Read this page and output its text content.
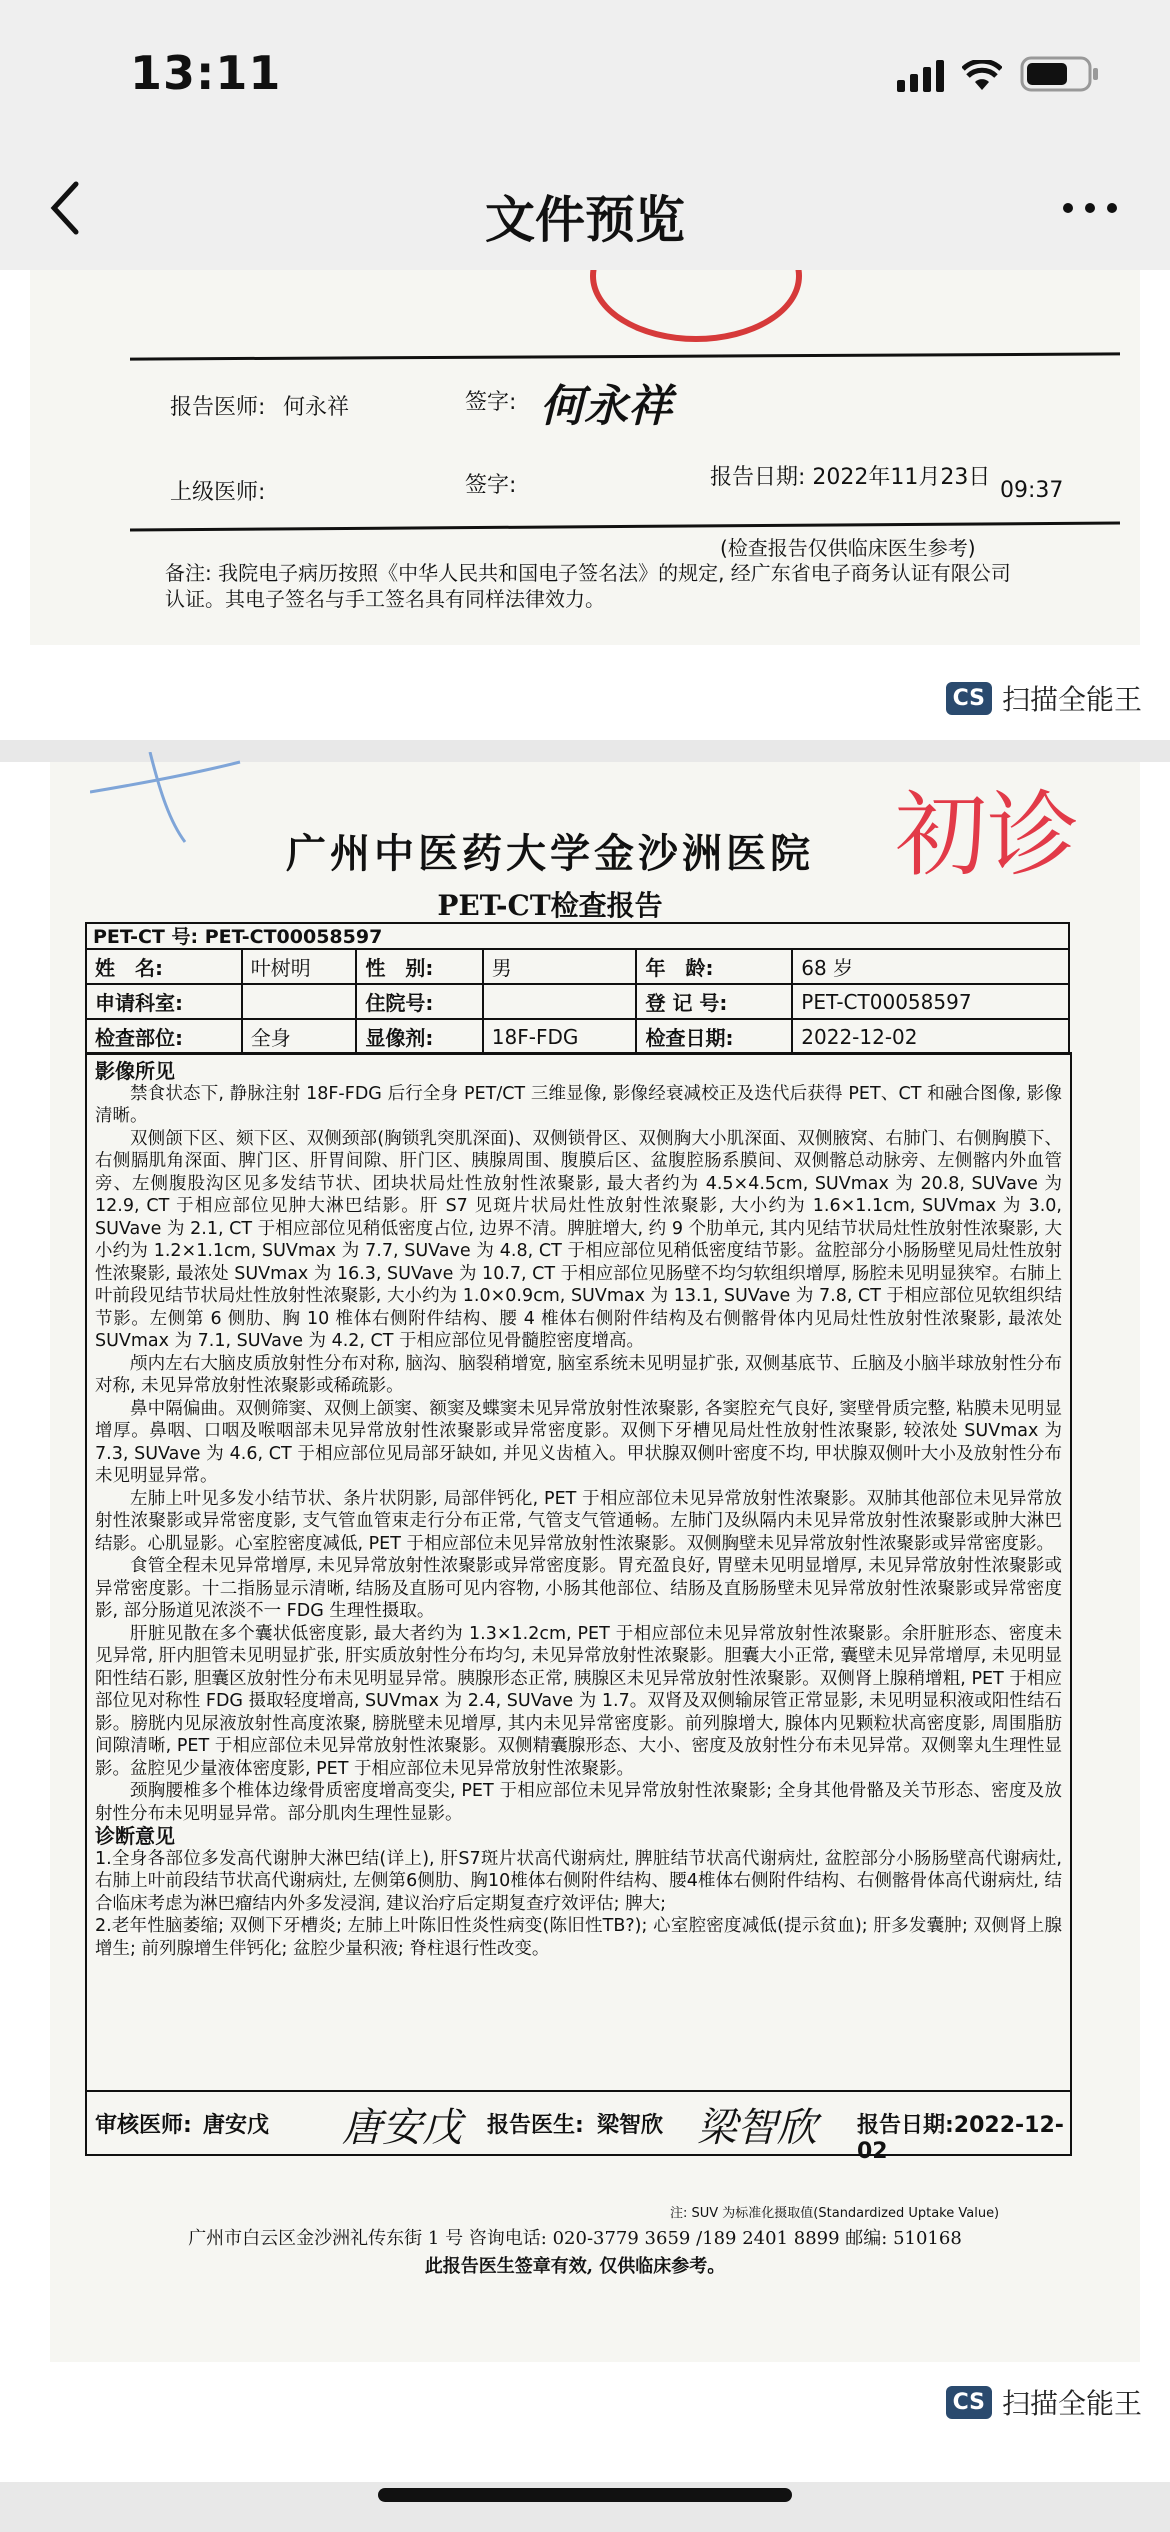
13:11
文件预览
报告医师: 何永祥	签字: 何永祥
上级医师:	签字:	报告日期: 2022年11月23日
09:37
(检查报告仅供临床医生参考)
备注: 我院电子病历按照《中华人民共和国电子签名法》的规定, 经广东省电子商务认证有限公司认证。其电子签名与手工签名具有同样法律效力。
CS 扫描全能王
初诊
广州中医药大学金沙洲医院
PET-CT检查报告
PET-CT 号: PET-CT00058597
姓　名:	叶树明	性　别:	男	年　龄:	68 岁
申请科室:		住院号:		登 记 号:	PET-CT00058597
检查部位:	全身	显像剂:	18F-FDG	检查日期:	2022-12-02
影像所见

禁食状态下, 静脉注射 18F-FDG 后行全身 PET/CT 三维显像, 影像经衰减校正及迭代后获得 PET、CT 和融合图像, 影像清晰。

双侧颌下区、颏下区、双侧颈部(胸锁乳突肌深面)、双侧锁骨区、双侧胸大小肌深面、双侧腋窝、右肺门、右侧胸膜下、右侧膈肌角深面、脾门区、肝胃间隙、肝门区、胰腺周围、腹膜后区、盆腹腔肠系膜间、双侧髂总动脉旁、左侧髂内外血管旁、左侧腹股沟区见多发结节状、团块状局灶性放射性浓聚影, 最大者约为 4.5×4.5cm, SUVmax 为 20.8, SUVave 为 12.9, CT 于相应部位见肿大淋巴结影。肝 S7 见斑片状局灶性放射性浓聚影, 大小约为 1.6×1.1cm, SUVmax 为 3.0, SUVave 为 2.1, CT 于相应部位见稍低密度占位, 边界不清。脾脏增大, 约 9 个肋单元, 其内见结节状局灶性放射性浓聚影, 大小约为 1.2×1.1cm, SUVmax 为 7.7, SUVave 为 4.8, CT 于相应部位见稍低密度结节影。盆腔部分小肠肠壁见局灶性放射性浓聚影, 最浓处 SUVmax 为 16.3, SUVave 为 10.7, CT 于相应部位见肠壁不均匀软组织增厚, 肠腔未见明显狭窄。右肺上叶前段见结节状局灶性放射性浓聚影, 大小约为 1.0×0.9cm, SUVmax 为 13.1, SUVave 为 7.8, CT 于相应部位见软组织结节影。左侧第 6 侧肋、胸 10 椎体右侧附件结构、腰 4 椎体右侧附件结构及右侧髂骨体内见局灶性放射性浓聚影, 最浓处 SUVmax 为 7.1, SUVave 为 4.2, CT 于相应部位见骨髓腔密度增高。

颅内左右大脑皮质放射性分布对称, 脑沟、脑裂稍增宽, 脑室系统未见明显扩张, 双侧基底节、丘脑及小脑半球放射性分布对称, 未见异常放射性浓聚影或稀疏影。

鼻中隔偏曲。双侧筛窦、双侧上颌窦、额窦及蝶窦未见异常放射性浓聚影, 各窦腔充气良好, 窦壁骨质完整, 粘膜未见明显增厚。鼻咽、口咽及喉咽部未见异常放射性浓聚影或异常密度影。双侧下牙槽见局灶性放射性浓聚影, 较浓处 SUVmax 为 7.3, SUVave 为 4.6, CT 于相应部位见局部牙缺如, 并见义齿植入。甲状腺双侧叶密度不均, 甲状腺双侧叶大小及放射性分布未见明显异常。

左肺上叶见多发小结节状、条片状阴影, 局部伴钙化, PET 于相应部位未见异常放射性浓聚影。双肺其他部位未见异常放射性浓聚影或异常密度影, 支气管血管束走行分布正常, 气管支气管通畅。左肺门及纵隔内未见异常放射性浓聚影或肿大淋巴结影。心肌显影。心室腔密度减低, PET 于相应部位未见异常放射性浓聚影。双侧胸壁未见异常放射性浓聚影或异常密度影。

食管全程未见异常增厚, 未见异常放射性浓聚影或异常密度影。胃充盈良好, 胃壁未见明显增厚, 未见异常放射性浓聚影或异常密度影。十二指肠显示清晰, 结肠及直肠可见内容物, 小肠其他部位、结肠及直肠肠壁未见异常放射性浓聚影或异常密度影, 部分肠道见浓淡不一 FDG 生理性摄取。

肝脏见散在多个囊状低密度影, 最大者约为 1.3×1.2cm, PET 于相应部位未见异常放射性浓聚影。余肝脏形态、密度未见异常, 肝内胆管未见明显扩张, 肝实质放射性分布均匀, 未见异常放射性浓聚影。胆囊大小正常, 囊壁未见异常增厚, 未见明显阳性结石影, 胆囊区放射性分布未见明显异常。胰腺形态正常, 胰腺区未见异常放射性浓聚影。双侧肾上腺稍增粗, PET 于相应部位见对称性 FDG 摄取轻度增高, SUVmax 为 2.4, SUVave 为 1.7。双肾及双侧输尿管正常显影, 未见明显积液或阳性结石影。膀胱内见尿液放射性高度浓聚, 膀胱壁未见增厚, 其内未见异常密度影。前列腺增大, 腺体内见颗粒状高密度影, 周围脂肪间隙清晰, PET 于相应部位未见异常放射性浓聚影。双侧精囊腺形态、大小、密度及放射性分布未见异常。双侧睾丸生理性显影。盆腔见少量液体密度影, PET 于相应部位未见异常放射性浓聚影。

颈胸腰椎多个椎体边缘骨质密度增高变尖, PET 于相应部位未见异常放射性浓聚影; 全身其他骨骼及关节形态、密度及放射性分布未见明显异常。部分肌肉生理性显影。

诊断意见

1.全身各部位多发高代谢肿大淋巴结(详上), 肝S7斑片状高代谢病灶, 脾脏结节状高代谢病灶, 盆腔部分小肠肠壁高代谢病灶, 右肺上叶前段结节状高代谢病灶, 左侧第6侧肋、胸10椎体右侧附件结构、腰4椎体右侧附件结构、右侧髂骨体高代谢病灶, 结合临床考虑为淋巴瘤结内外多发浸润, 建议治疗后定期复查疗效评估; 脾大;

2.老年性脑萎缩; 双侧下牙槽炎; 左肺上叶陈旧性炎性病变(陈旧性TB?); 心室腔密度减低(提示贫血); 肝多发囊肿; 双侧肾上腺增生; 前列腺增生伴钙化; 盆腔少量积液; 脊柱退行性改变。

审核医师: 唐安戊 唐安戊 报告医生: 梁智欣 梁智欣 报告日期:2022-12-02
注: SUV 为标准化摄取值(Standardized Uptake Value)
广州市白云区金沙洲礼传东街 1 号 咨询电话: 020-3779 3659 /189 2401 8899 邮编: 510168
此报告医生签章有效, 仅供临床参考。
CS 扫描全能王
